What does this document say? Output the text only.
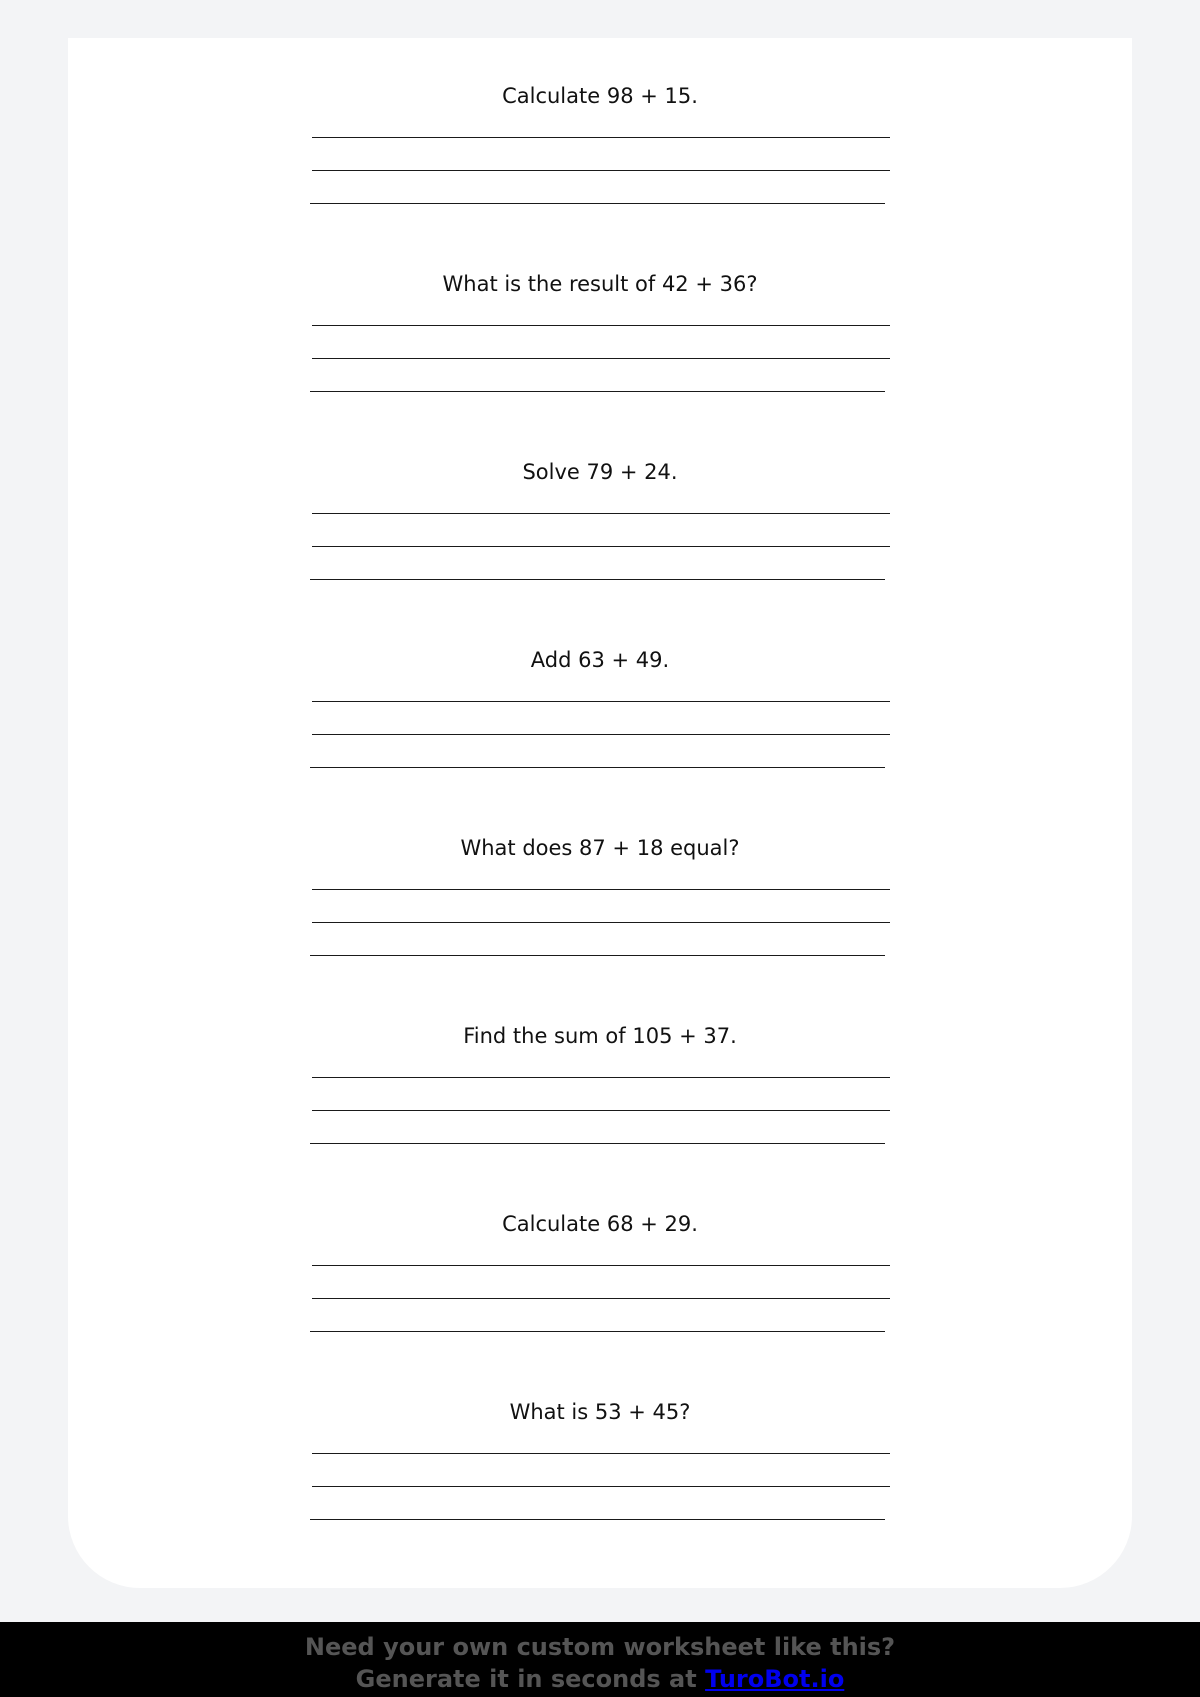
Calculate 98 + 15.

What is the result of 42 + 36?

Solve 79 + 24.

Add 63 + 49.

What does 87 + 18 equal?

Find the sum of 105 + 37.

Calculate 68 + 29.

What is 53 + 45?

Need your own custom worksheet like this?
Generate it in seconds at TuroBot.io
